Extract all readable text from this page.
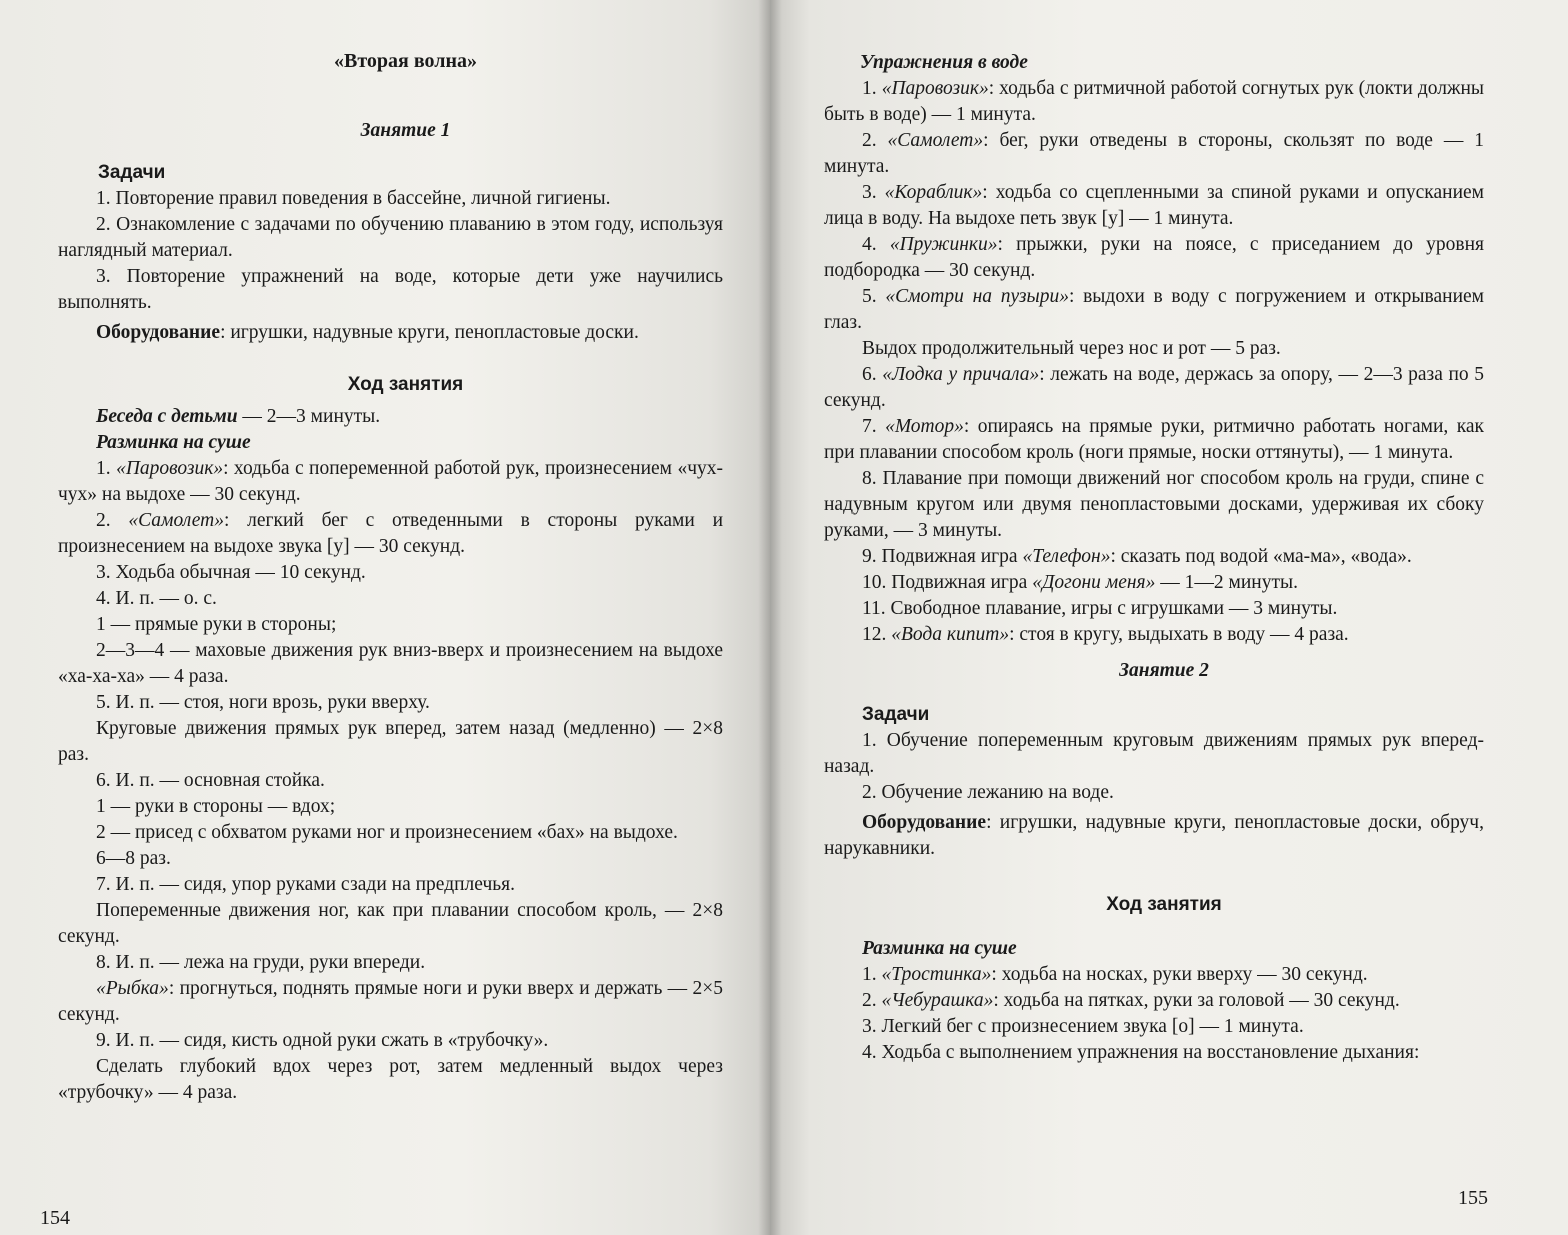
«Вторая волна»

Занятие 1

Задачи

1. Повторение правил поведения в бассейне, личной гигиены.

2. Ознакомление с задачами по обучению плаванию в этом году, используя наглядный материал.

3. Повторение упражнений на воде, которые дети уже научились выполнять.

Оборудование: игрушки, надувные круги, пенопластовые доски.

Ход занятия

Беседа с детьми — 2—3 минуты.

Разминка на суше

1. «Паровозик»: ходьба с попеременной работой рук, произнесением «чух-чух» на выдохе — 30 секунд.

2. «Самолет»: легкий бег с отведенными в стороны руками и произнесением на выдохе звука [у] — 30 секунд.

3. Ходьба обычная — 10 секунд.

4. И. п. — о. с.

1 — прямые руки в стороны;

2—3—4 — маховые движения рук вниз-вверх и произнесением на выдохе «ха-ха-ха» — 4 раза.

5. И. п. — стоя, ноги врозь, руки вверху.

Круговые движения прямых рук вперед, затем назад (медленно) — 2×8 раз.

6. И. п. — основная стойка.

1 — руки в стороны — вдох;

2 — присед с обхватом руками ног и произнесением «бах» на выдохе.

6—8 раз.

7. И. п. — сидя, упор руками сзади на предплечья.

Попеременные движения ног, как при плавании способом кроль, — 2×8 секунд.

8. И. п. — лежа на груди, руки впереди.

«Рыбка»: прогнуться, поднять прямые ноги и руки вверх и держать — 2×5 секунд.

9. И. п. — сидя, кисть одной руки сжать в «трубочку».

Сделать глубокий вдох через рот, затем медленный выдох через «трубочку» — 4 раза.

154

Упражнения в воде

1. «Паровозик»: ходьба с ритмичной работой согнутых рук (локти должны быть в воде) — 1 минута.

2. «Самолет»: бег, руки отведены в стороны, скользят по воде — 1 минута.

3. «Кораблик»: ходьба со сцепленными за спиной руками и опусканием лица в воду. На выдохе петь звук [у] — 1 минута.

4. «Пружинки»: прыжки, руки на поясе, с приседанием до уровня подбородка — 30 секунд.

5. «Смотри на пузыри»: выдохи в воду с погружением и открыванием глаз.

Выдох продолжительный через нос и рот — 5 раз.

6. «Лодка у причала»: лежать на воде, держась за опору, — 2—3 раза по 5 секунд.

7. «Мотор»: опираясь на прямые руки, ритмично работать ногами, как при плавании способом кроль (ноги прямые, носки оттянуты), — 1 минута.

8. Плавание при помощи движений ног способом кроль на груди, спине с надувным кругом или двумя пенопластовыми досками, удерживая их сбоку руками, — 3 минуты.

9. Подвижная игра «Телефон»: сказать под водой «ма-ма», «вода».

10. Подвижная игра «Догони меня» — 1—2 минуты.

11. Свободное плавание, игры с игрушками — 3 минуты.

12. «Вода кипит»: стоя в кругу, выдыхать в воду — 4 раза.

Занятие 2

Задачи

1. Обучение попеременным круговым движениям прямых рук вперед-назад.

2. Обучение лежанию на воде.

Оборудование: игрушки, надувные круги, пенопластовые доски, обруч, нарукавники.

Ход занятия

Разминка на суше

1. «Тростинка»: ходьба на носках, руки вверху — 30 секунд.

2. «Чебурашка»: ходьба на пятках, руки за головой — 30 секунд.

3. Легкий бег с произнесением звука [о] — 1 минута.

4. Ходьба с выполнением упражнения на восстановление дыхания:

155
